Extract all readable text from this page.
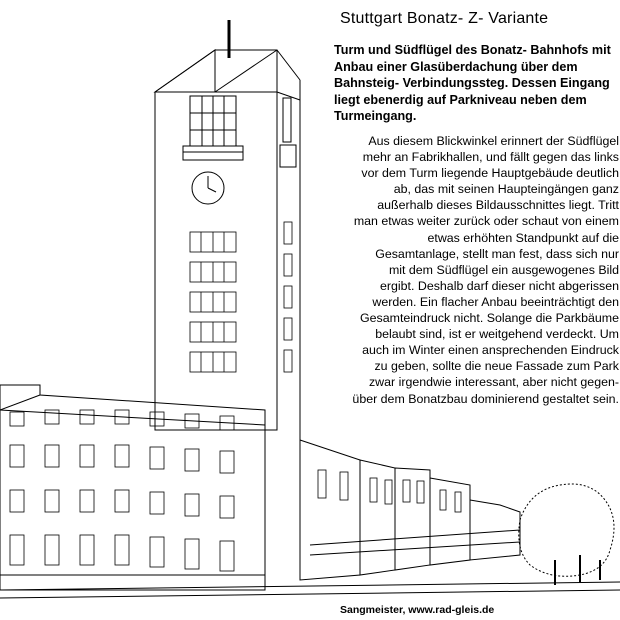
Stuttgart Bonatz- Z- Variante
Turm und Südflügel des Bonatz- Bahnhofs mit Anbau einer Glasüberdachung über dem Bahnsteig- Verbindungssteg. Dessen Eingang liegt ebenerdig auf Parkniveau neben dem Turmeingang.
Aus diesem Blickwinkel erinnert der Südflügel
mehr an Fabrikhallen, und fällt gegen das links
vor dem Turm liegende Hauptgebäude deutlich
ab, das mit seinen Haupteingängen ganz
außerhalb dieses Bildausschnittes liegt. Tritt
man etwas weiter zurück oder schaut von einem
etwas erhöhten Standpunkt auf die
Gesamtanlage, stellt man fest, dass sich nur
mit dem Südflügel ein ausgewogenes Bild
ergibt. Deshalb darf dieser nicht abgerissen
werden. Ein flacher Anbau beeinträchtigt den
Gesamteindruck nicht. Solange die Parkbäume
belaubt sind, ist er weitgehend verdeckt. Um
auch im Winter einen ansprechenden Eindruck
zu geben, sollte die neue Fassade zum Park
zwar irgendwie interessant, aber nicht gegen-
über dem Bonatzbau dominierend gestaltet sein.
Sangmeister, www.rad-gleis.de
